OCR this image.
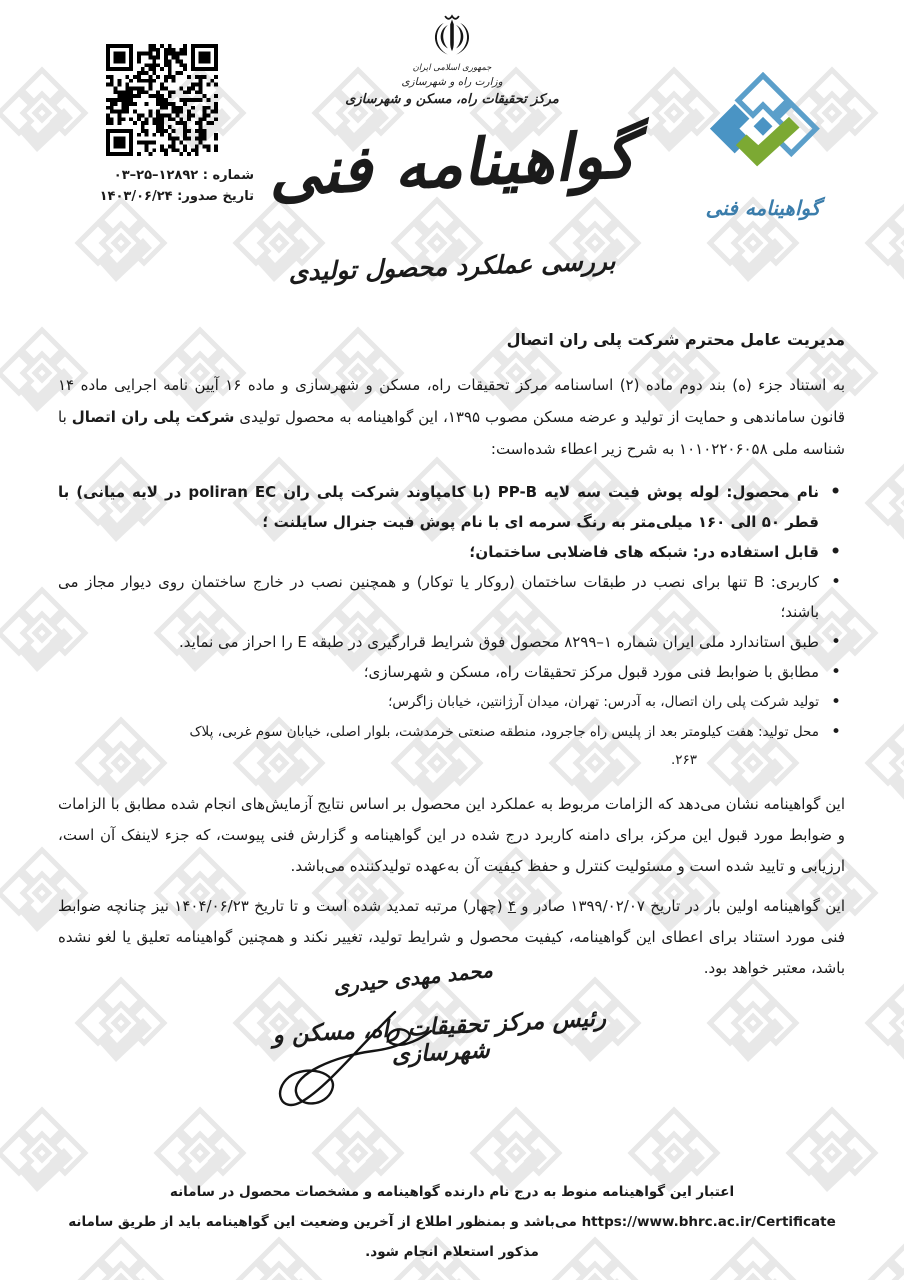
شماره : ۱۲۸۹۲–۲۵–۰۳
تاریخ صدور: ۱۴۰۳/۰۶/۲۴
جمهوری اسلامی ایران
وزارت راه و شهرسازی
مرکز تحقیقات راه، مسکن و شهرسازی
گواهینامه فنی
بررسی عملکرد محصول تولیدی
گواهینامه فنی

مدیریت عامل محترم شرکت پلی ران اتصال

به استناد جزء (ه) بند دوم ماده (۲) اساسنامه مرکز تحقیقات راه، مسکن و شهرسازی و ماده ۱۶ آیین نامه اجرایی ماده ۱۴ قانون ساماندهی و حمایت از تولید و عرضه مسکن مصوب ۱۳۹۵، این گواهینامه به محصول تولیدی شرکت پلی ران اتصال با شناسه ملی ۱۰۱۰۲۲۰۶۰۵۸ به شرح زیر اعطاء شده‌است:

• نام محصول: لوله پوش فیت سه لایه PP-B (با کامپاوند شرکت پلی ران poliran EC در لایه میانی) با قطر ۵۰ الی ۱۶۰ میلی‌متر به رنگ سرمه ای با نام پوش فیت جنرال سایلنت ؛
• قابل استفاده در: شبکه های فاضلابی ساختمان؛
• کاربری: B تنها برای نصب در طبقات ساختمان (روکار یا توکار) و همچنین نصب در خارج ساختمان روی دیوار مجاز می باشند؛
• طبق استاندارد ملی ایران شماره ۱–۸۲۹۹ محصول فوق شرایط قرارگیری در طبقه E را احراز می نماید.
• مطابق با ضوابط فنی مورد قبول مرکز تحقیقات راه، مسکن و شهرسازی؛
• تولید شرکت پلی ران اتصال، به آدرس: تهران، میدان آرژانتین، خیابان زاگرس؛
• محل تولید: هفت کیلومتر بعد از پلیس راه جاجرود، منطقه صنعتی خرمدشت، بلوار اصلی، خیابان سوم غربی، پلاک
۲۶۳.

این گواهینامه نشان می‌دهد که الزامات مربوط به عملکرد این محصول بر اساس نتایج آزمایش‌های انجام شده مطابق با الزامات و ضوابط مورد قبول این مرکز، برای دامنه کاربرد درج شده در این گواهینامه و گزارش فنی پیوست، که جزء لاینفک آن است، ارزیابی و تایید شده است و مسئولیت کنترل و حفظ کیفیت آن به‌عهده تولیدکننده می‌باشد.

این گواهینامه اولین بار در تاریخ ۱۳۹۹/۰۲/۰۷ صادر و ۴ (چهار) مرتبه تمدید شده است و تا تاریخ ۱۴۰۴/۰۶/۲۳ نیز چنانچه ضوابط فنی مورد استناد برای اعطای این گواهینامه، کیفیت محصول و شرایط تولید، تغییر نکند و همچنین گواهینامه تعلیق یا لغو نشده باشد، معتبر خواهد بود.

محمد مهدی حیدری
رئیس مرکز تحقیقات راه، مسکن و شهرسازی
اعتبار این گواهینامه منوط به درج نام دارنده گواهینامه و مشخصات محصول در سامانه https://www.bhrc.ac.ir/Certificate می‌باشد و بمنظور اطلاع از آخرین وضعیت این گواهینامه باید از طریق سامانه مذکور استعلام انجام شود.
